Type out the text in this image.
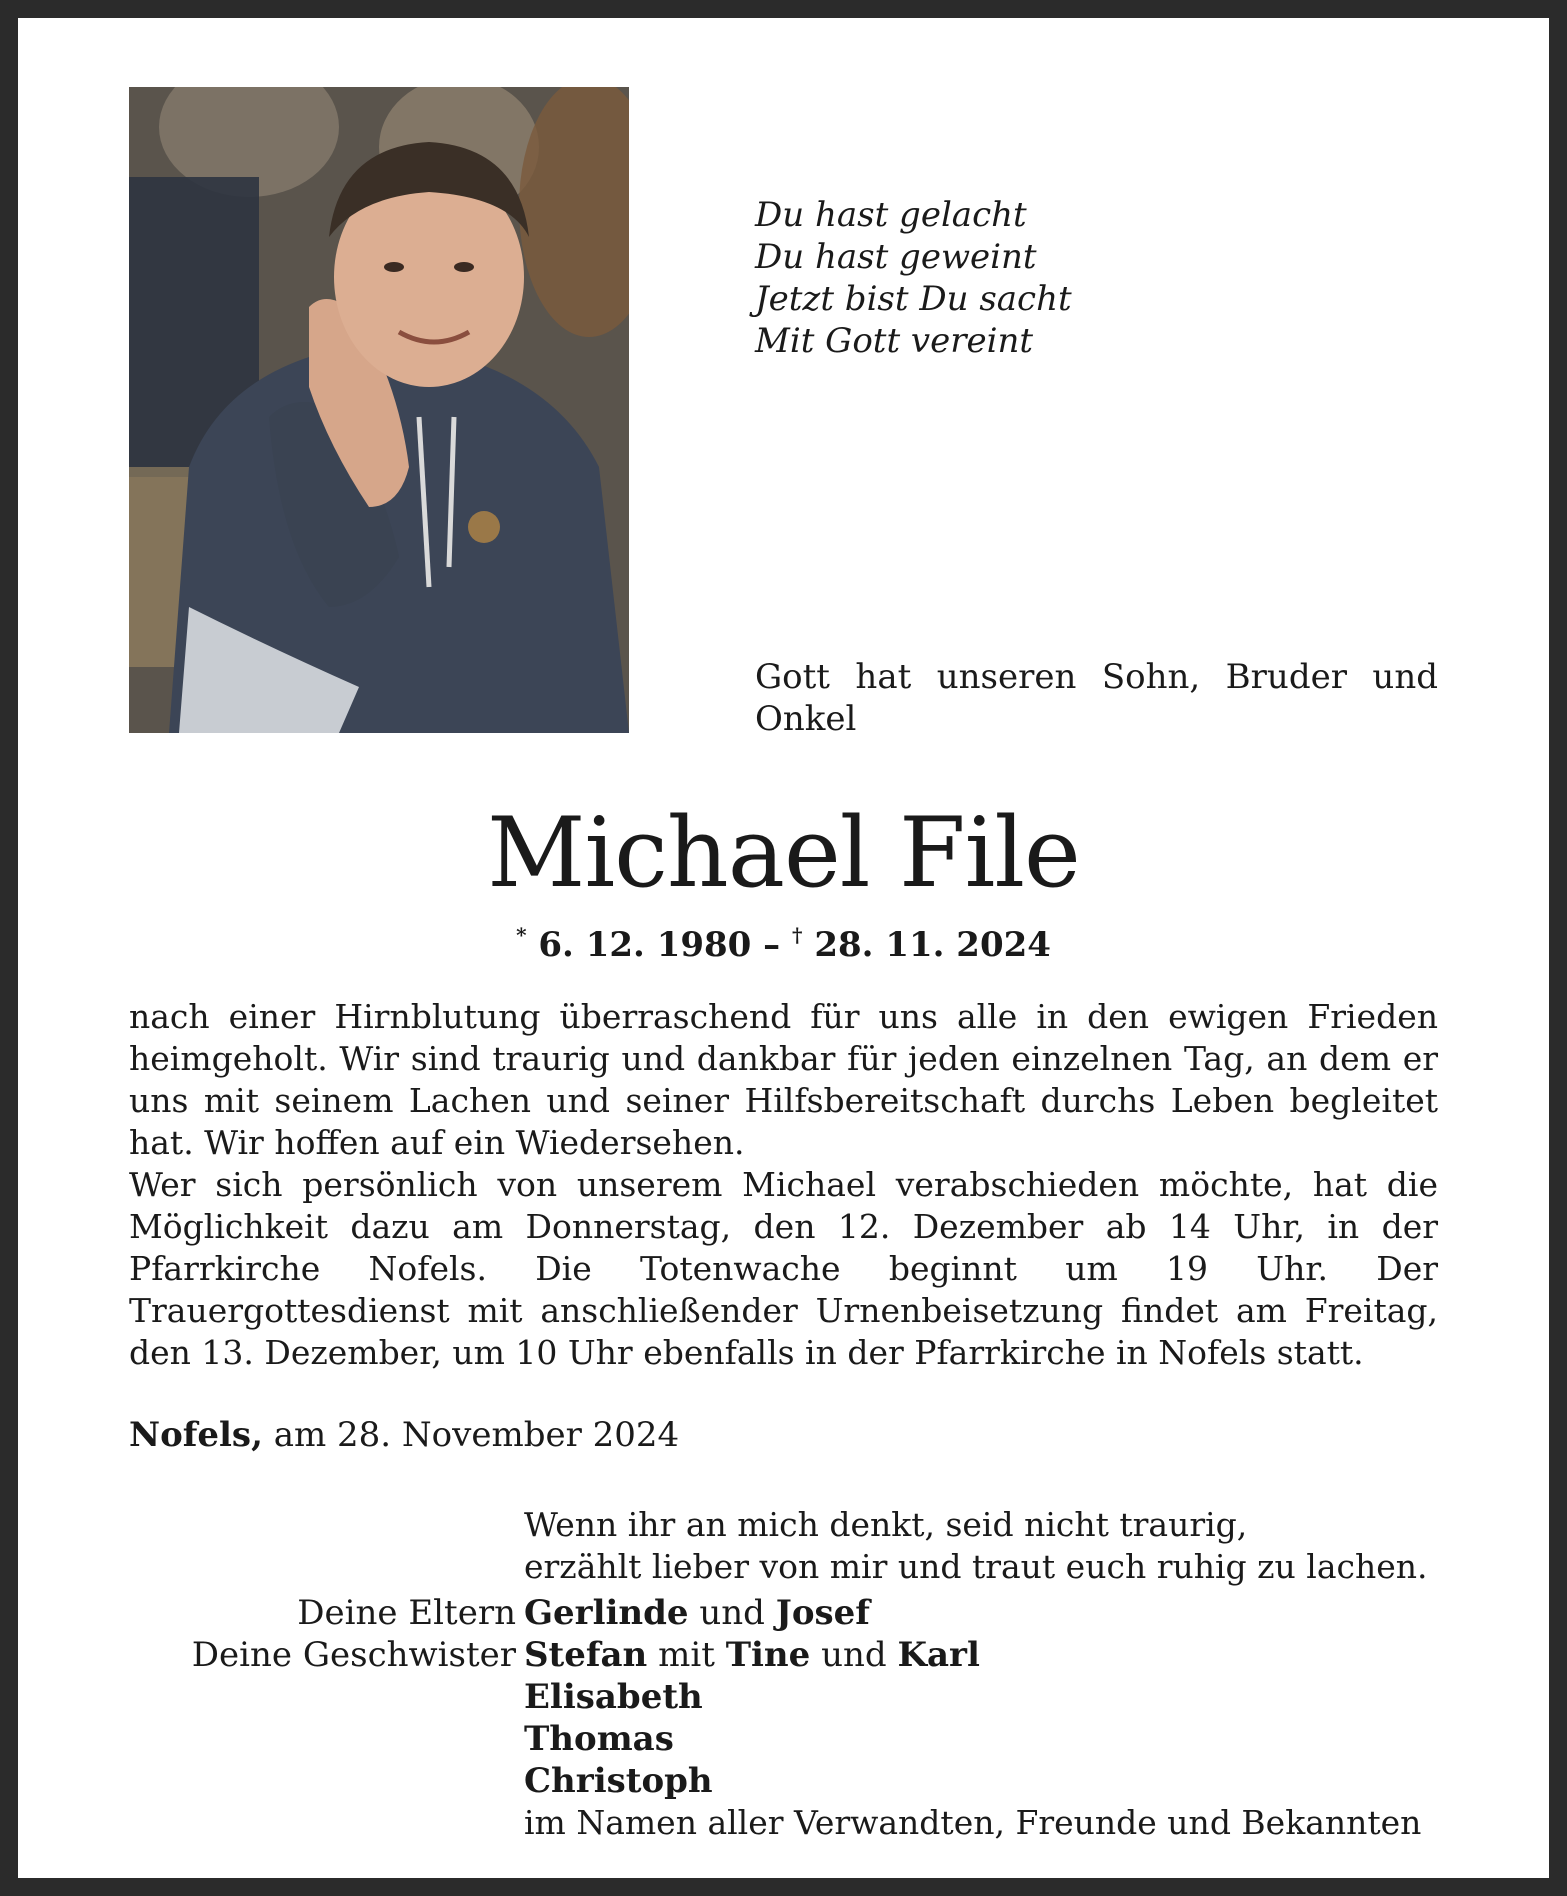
Du hast gelacht
Du hast geweint
Jetzt bist Du sacht
Mit Gott vereint
Gott hat unseren Sohn, Bruder und Onkel
Michael File
* 6. 12. 1980 – † 28. 11. 2024

nach einer Hirnblutung überraschend für uns alle in den ewigen Frieden heimgeholt. Wir sind traurig und dankbar für jeden einzelnen Tag, an dem er uns mit seinem Lachen und seiner Hilfsbereitschaft durchs Leben begleitet hat. Wir hoffen auf ein Wiedersehen.

Wer sich persönlich von unserem Michael verabschieden möchte, hat die Möglichkeit dazu am Donnerstag, den 12. Dezember ab 14 Uhr, in der Pfarrkirche Nofels. Die Totenwache beginnt um 19 Uhr. Der Trauergottesdienst mit anschließender Urnenbeisetzung findet am Freitag, den 13. Dezember, um 10 Uhr ebenfalls in der Pfarrkirche in Nofels statt.

Nofels, am 28. November 2024
Wenn ihr an mich denkt, seid nicht traurig,
erzählt lieber von mir und traut euch ruhig zu lachen.
Deine Eltern Gerlinde und Josef
Deine Geschwister Stefan mit Tine und Karl
Elisabeth
Thomas
Christoph
im Namen aller Verwandten, Freunde und Bekannten
